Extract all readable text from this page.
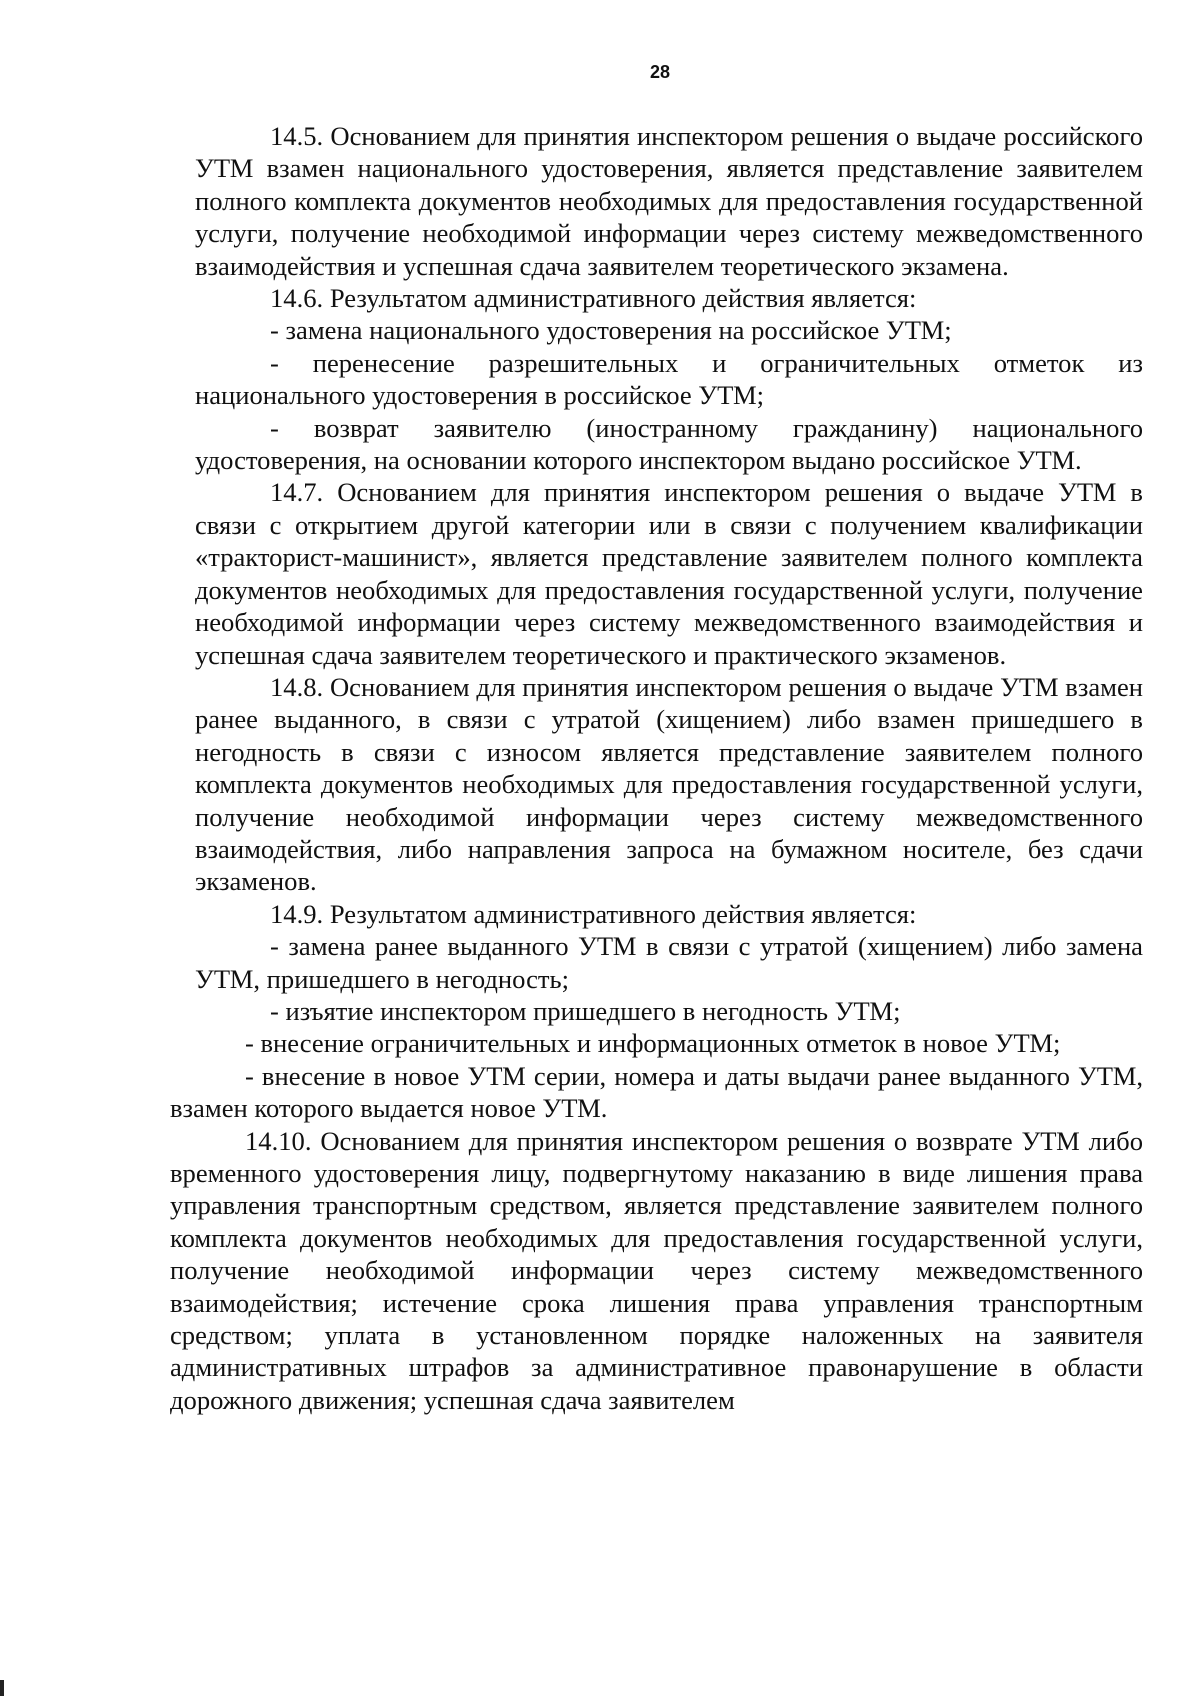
28

14.5. Основанием для принятия инспектором решения о выдаче российского УТМ взамен национального удостоверения, является представление заявителем полного комплекта документов необходимых для предоставления государственной услуги, получение необходимой информации через систему межведомственного взаимодействия и успешная сдача заявителем теоретического экзамена.

14.6. Результатом административного действия является:

- замена национального удостоверения на российское УТМ;

- перенесение разрешительных и ограничительных отметок из национального удостоверения в российское УТМ;

- возврат заявителю (иностранному гражданину) национального удостоверения, на основании которого инспектором выдано российское УТМ.

14.7. Основанием для принятия инспектором решения о выдаче УТМ в связи с открытием другой категории или в связи с получением квалификации «тракторист-машинист», является представление заявителем полного комплекта документов необходимых для предоставления государственной услуги, получение необходимой информации через систему межведомственного взаимодействия и успешная сдача заявителем теоретического и практического экзаменов.

14.8. Основанием для принятия инспектором решения о выдаче УТМ взамен ранее выданного, в связи с утратой (хищением) либо взамен пришедшего в негодность в связи с износом является представление заявителем полного комплекта документов необходимых для предоставления государственной услуги, получение необходимой информации через систему межведомственного взаимодействия, либо направления запроса на бумажном носителе, без сдачи экзаменов.

14.9. Результатом административного действия является:

- замена ранее выданного УТМ в связи с утратой (хищением) либо замена УТМ, пришедшего в негодность;

- изъятие инспектором пришедшего в негодность УТМ;

- внесение ограничительных и информационных отметок в новое УТМ;

- внесение в новое УТМ серии, номера и даты выдачи ранее выданного УТМ, взамен которого выдается новое УТМ.

14.10. Основанием для принятия инспектором решения о возврате УТМ либо временного удостоверения лицу, подвергнутому наказанию в виде лишения права управления транспортным средством, является представление заявителем полного комплекта документов необходимых для предоставления государственной услуги, получение необходимой информации через систему межведомственного взаимодействия; истечение срока лишения права управления транспортным средством; уплата в установленном порядке наложенных на заявителя административных штрафов за административное правонарушение в области дорожного движения; успешная сдача заявителем
